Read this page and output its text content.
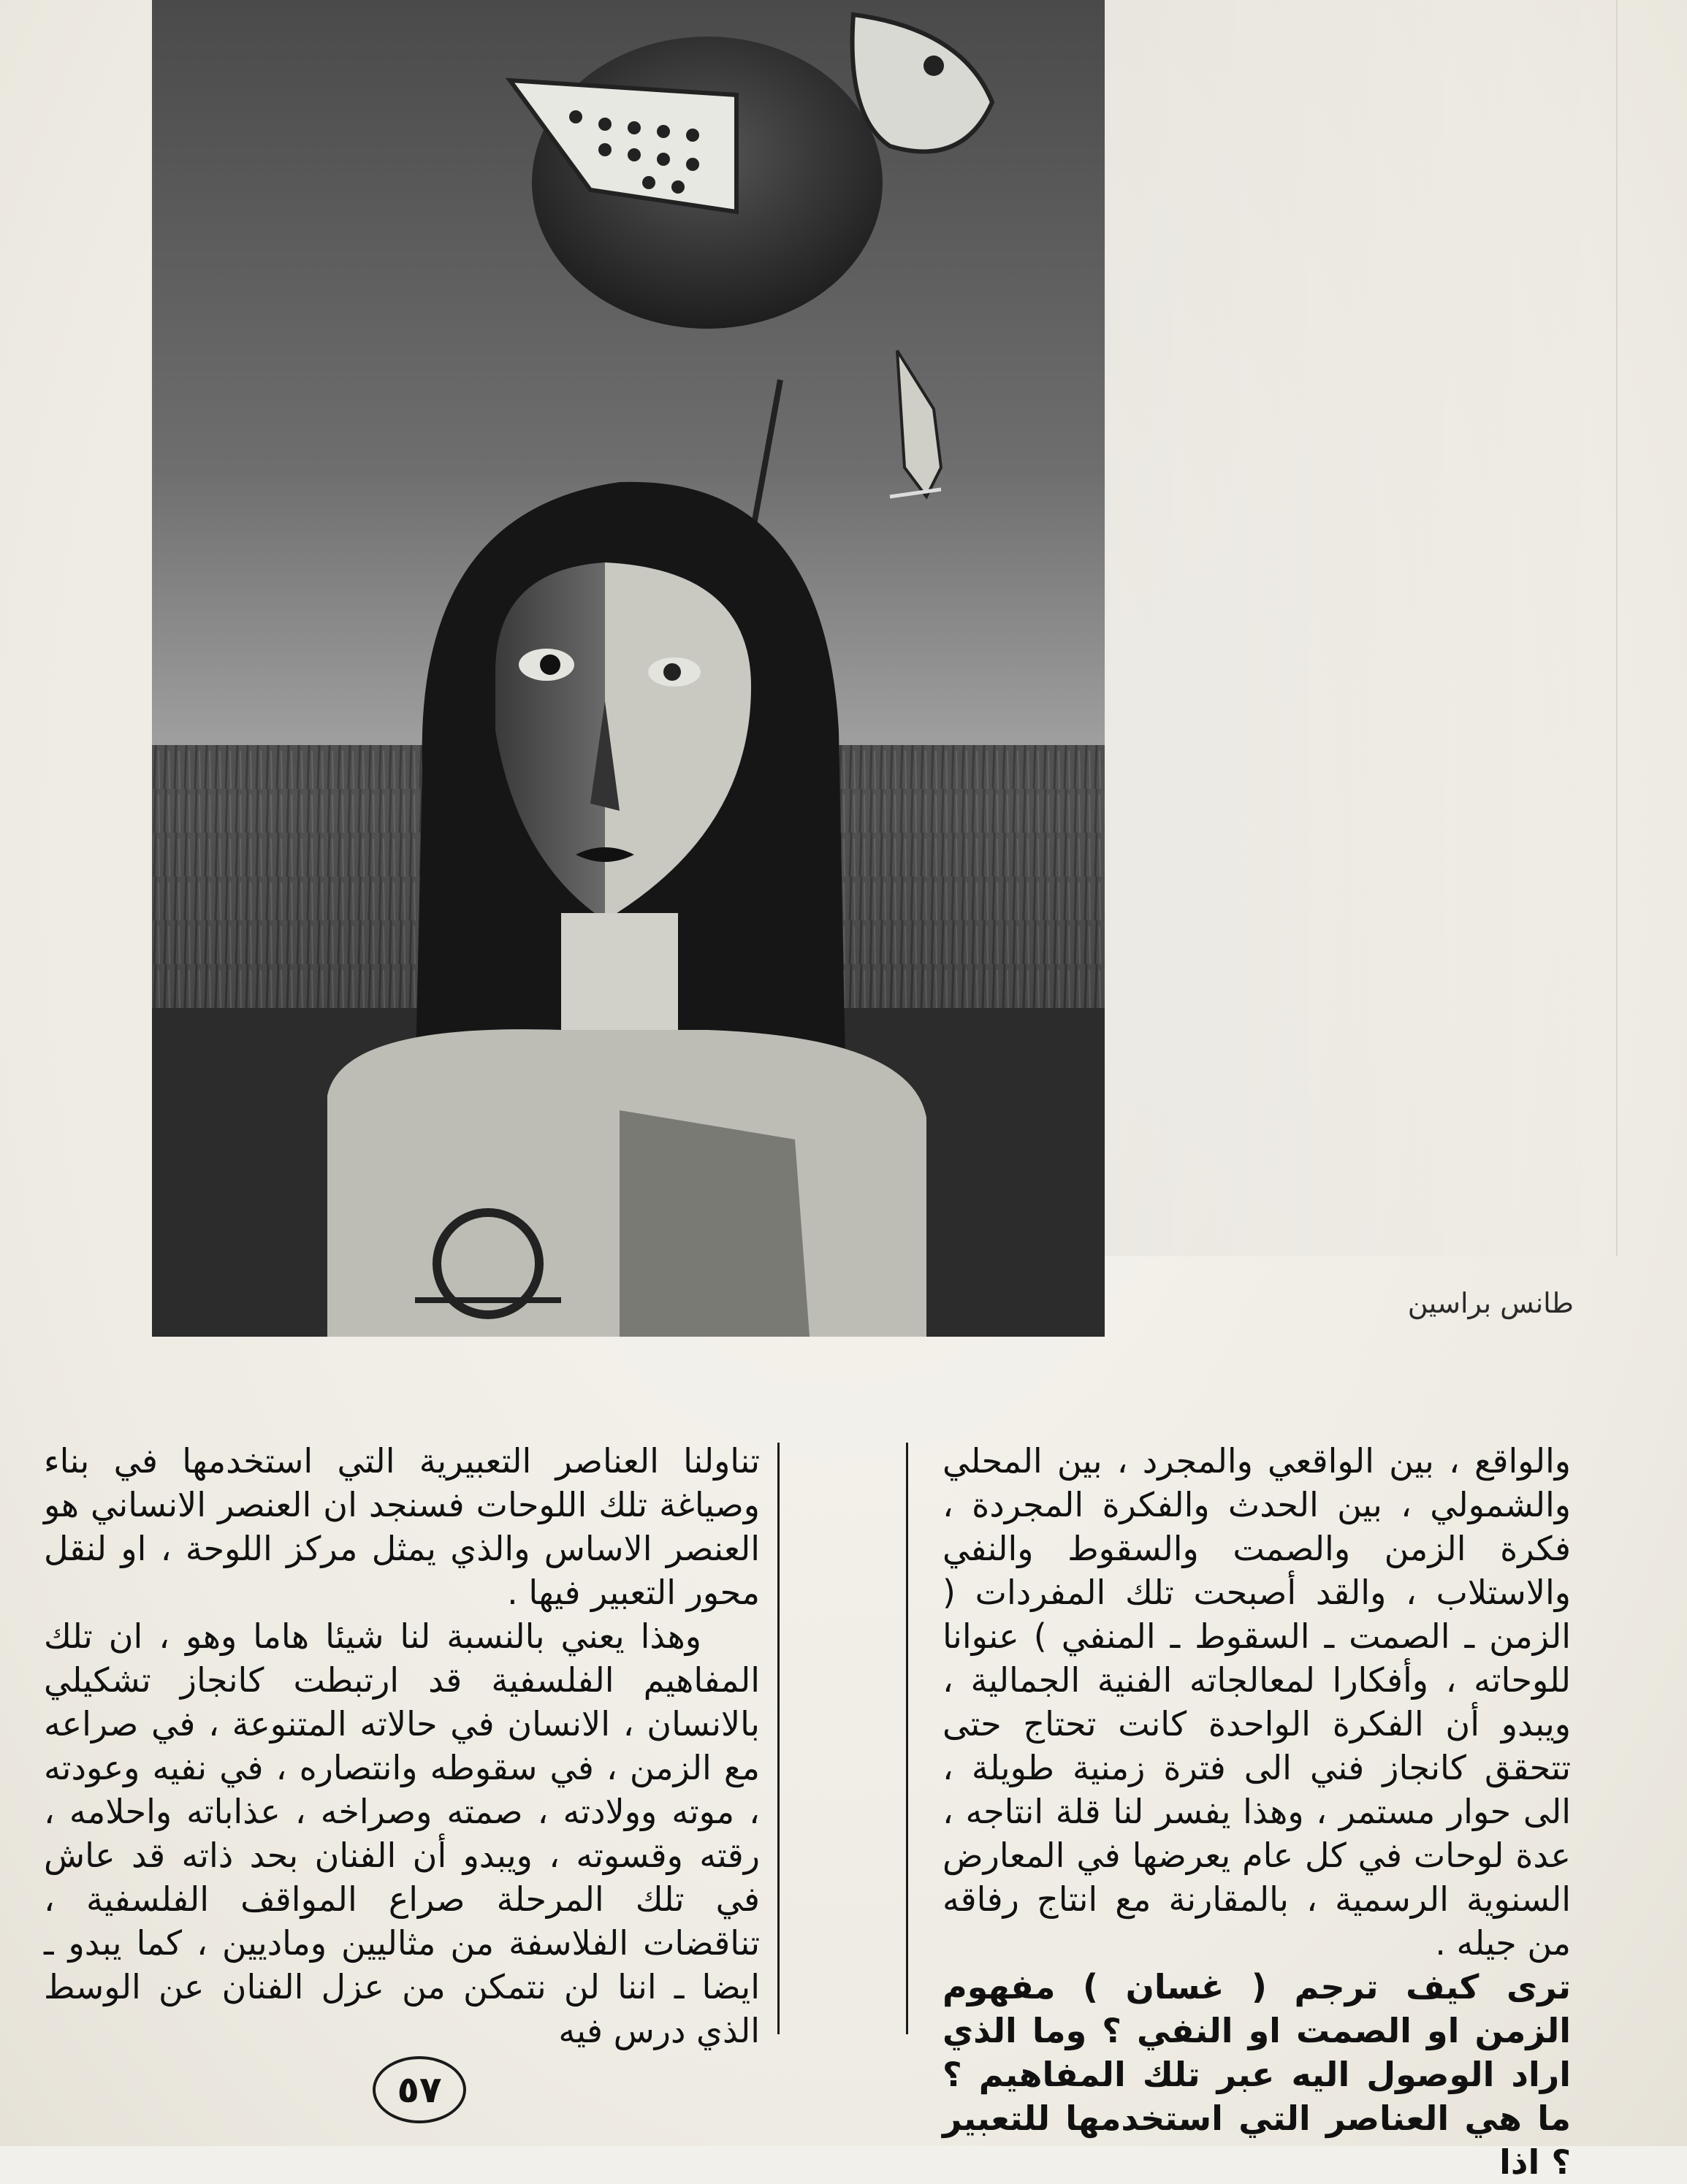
طانس براسين

والواقع ، بين الواقعي والمجرد ، بين المحلي والشمولي ، بين الحدث والفكرة المجردة ، فكرة الزمن والصمت والسقوط والنفي والاستلاب ، والقد أصبحت تلك المفردات ( الزمن ـ الصمت ـ السقوط ـ المنفي ) عنوانا للوحاته ، وأفكارا لمعالجاته الفنية الجمالية ، ويبدو أن الفكرة الواحدة كانت تحتاج حتى تتحقق كانجاز فني الى فترة زمنية طويلة ، الى حوار مستمر ، وهذا يفسر لنا قلة انتاجه ، عدة لوحات في كل عام يعرضها في المعارض السنوية الرسمية ، بالمقارنة مع انتاج رفاقه من جيله .

ترى كيف ترجم ( غسان ) مفهوم الزمن او الصمت او النفي ؟ وما الذي اراد الوصول اليه عبر تلك المفاهيم ؟ ما هي العناصر التي استخدمها للتعبير ؟ اذا

تناولنا العناصر التعبيرية التي استخدمها في بناء وصياغة تلك اللوحات فسنجد ان العنصر الانساني هو العنصر الاساس والذي يمثل مركز اللوحة ، او لنقل محور التعبير فيها .

وهذا يعني بالنسبة لنا شيئا هاما وهو ، ان تلك المفاهيم الفلسفية قد ارتبطت كانجاز تشكيلي بالانسان ، الانسان في حالاته المتنوعة ، في صراعه مع الزمن ، في سقوطه وانتصاره ، في نفيه وعودته ، موته وولادته ، صمته وصراخه ، عذاباته واحلامه ، رقته وقسوته ، ويبدو أن الفنان بحد ذاته قد عاش في تلك المرحلة صراع المواقف الفلسفية ، تناقضات الفلاسفة من مثاليين وماديين ، كما يبدو ـ ايضا ـ اننا لن نتمكن من عزل الفنان عن الوسط الذي درس فيه

٥٧
